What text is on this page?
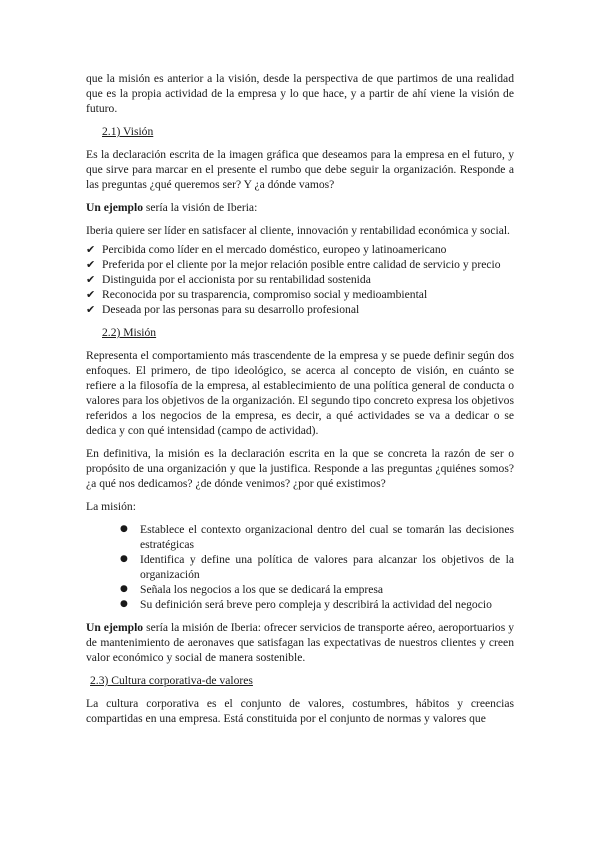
que la misión es anterior a la visión, desde la perspectiva de que partimos de una realidad que es la propia actividad de la empresa y lo que hace, y a partir de ahí viene la visión de futuro.

2.1) Visión

Es la declaración escrita de la imagen gráfica que deseamos para la empresa en el futuro, y que sirve para marcar en el presente el rumbo que debe seguir la organización. Responde a las preguntas ¿qué queremos ser? Y ¿a dónde vamos?

Un ejemplo sería la visión de Iberia:

Iberia quiere ser líder en satisfacer al cliente, innovación y rentabilidad económica y social.

✔ Percibida como líder en el mercado doméstico, europeo y latinoamericano
✔ Preferida por el cliente por la mejor relación posible entre calidad de servicio y precio
✔ Distinguida por el accionista por su rentabilidad sostenida
✔ Reconocida por su trasparencia, compromiso social y medioambiental
✔ Deseada por las personas para su desarrollo profesional
2.2) Misión

Representa el comportamiento más trascendente de la empresa y se puede definir según dos enfoques. El primero, de tipo ideológico, se acerca al concepto de visión, en cuánto se refiere a la filosofía de la empresa, al establecimiento de una política general de conducta o valores para los objetivos de la organización. El segundo tipo concreto expresa los objetivos referidos a los negocios de la empresa, es decir, a qué actividades se va a dedicar o se dedica y con qué intensidad (campo de actividad).

En definitiva, la misión es la declaración escrita en la que se concreta la razón de ser o propósito de una organización y que la justifica. Responde a las preguntas ¿quiénes somos? ¿a qué nos dedicamos? ¿de dónde venimos? ¿por qué existimos?

La misión:

● Establece el contexto organizacional dentro del cual se tomarán las decisiones estratégicas
● Identifica y define una política de valores para alcanzar los objetivos de la organización
● Señala los negocios a los que se dedicará la empresa
● Su definición será breve pero compleja y describirá la actividad del negocio

Un ejemplo sería la misión de Iberia: ofrecer servicios de transporte aéreo, aeroportuarios y de mantenimiento de aeronaves que satisfagan las expectativas de nuestros clientes y creen valor económico y social de manera sostenible.

2.3) Cultura corporativa-de valores

La cultura corporativa es el conjunto de valores, costumbres, hábitos y creencias compartidas en una empresa. Está constituida por el conjunto de normas y valores que
